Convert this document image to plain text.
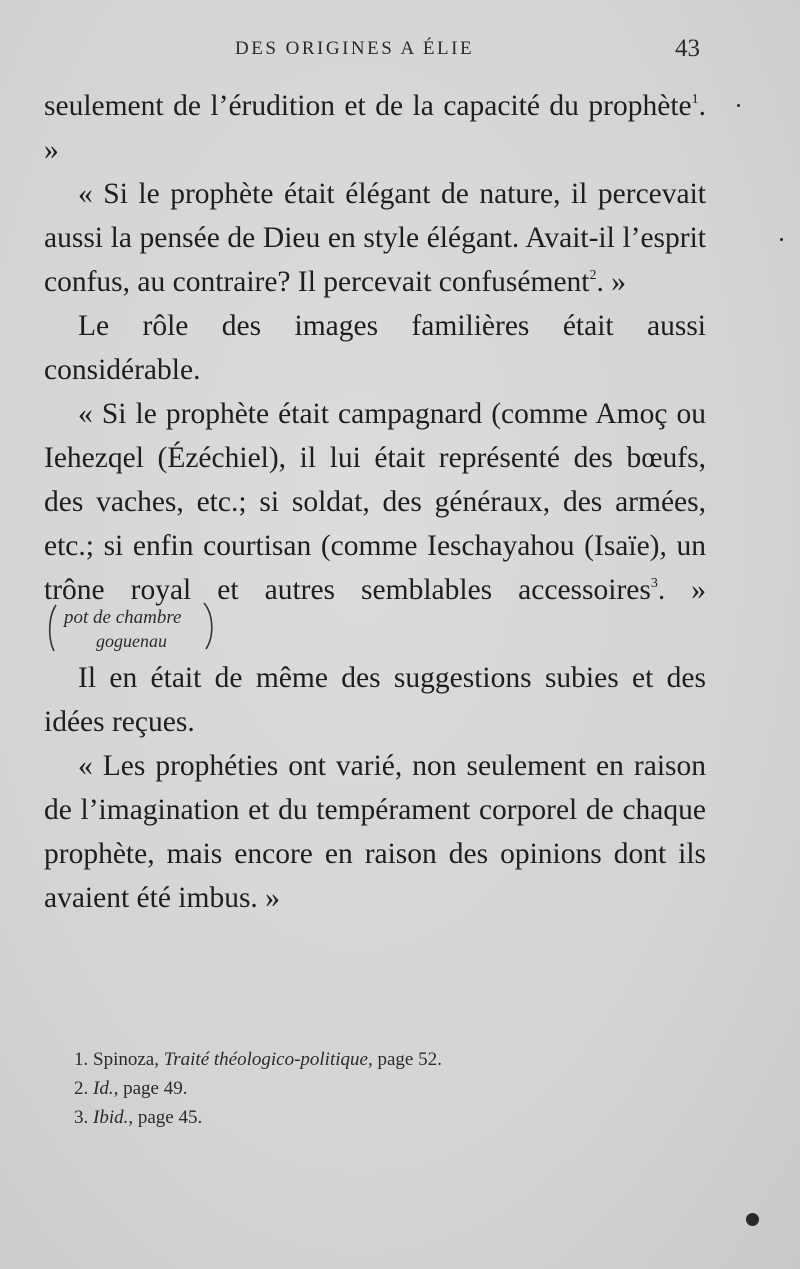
DES ORIGINES A ÉLIE	43

seulement de l’érudition et de la capacité du prophète$^1$. »

« Si le prophète était élégant de nature, il percevait aussi la pensée de Dieu en style élégant. Avait-il l’esprit confus, au contraire? Il percevait confusément$^2$. »

Le rôle des images familières était aussi considérable.

« Si le prophète était campagnard (comme Amoç ou Iehezqel (Ézéchiel), il lui était représenté des bœufs, des vaches, etc.; si soldat, des généraux, des armées, etc.; si enfin courtisan (comme Ieschayahou (Isaïe), un trône royal et autres semblables accessoires$^3$. »
pot de chambre
goguenau

Il en était de même des suggestions subies et des idées reçues.

« Les prophéties ont varié, non seulement en raison de l’imagination et du tempérament corporel de chaque prophète, mais encore en raison des opinions dont ils avaient été imbus. »

1. Spinoza, Traité théologico-politique, page 52.

2. Id., page 49.

3. Ibid., page 45.
